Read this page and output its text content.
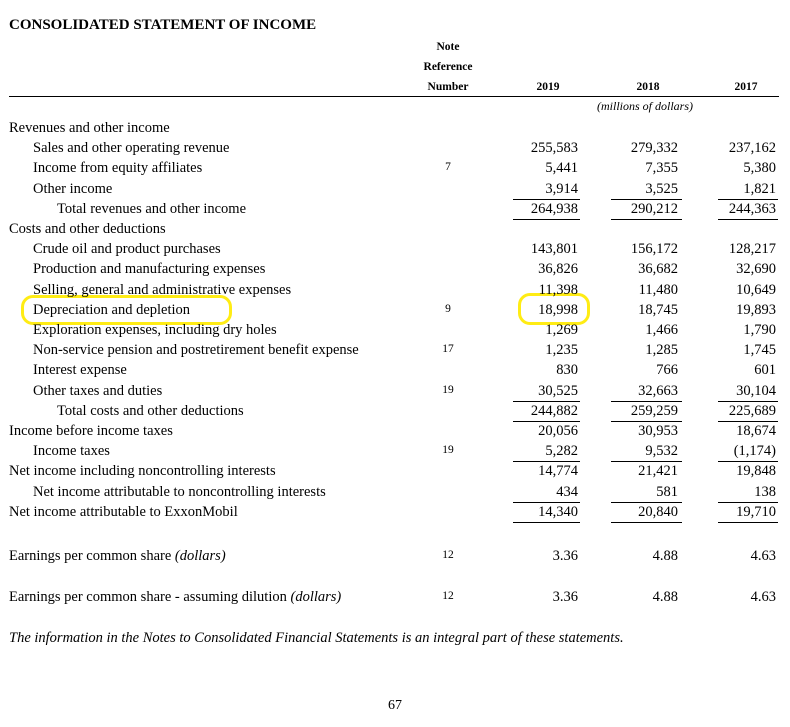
CONSOLIDATED STATEMENT OF INCOME
Note
Reference
Number	2019	2018	2017
(millions of dollars)
Revenues and other income
Sales and other operating revenue	255,583	279,332	237,162
Income from equity affiliates	7	5,441	7,355	5,380
Other income	3,914	3,525	1,821
Total revenues and other income	264,938	290,212	244,363
Costs and other deductions
Crude oil and product purchases	143,801	156,172	128,217
Production and manufacturing expenses	36,826	36,682	32,690
Selling, general and administrative expenses	11,398	11,480	10,649
Depreciation and depletion	9	18,998	18,745	19,893
Exploration expenses, including dry holes	1,269	1,466	1,790
Non-service pension and postretirement benefit expense	17	1,235	1,285	1,745
Interest expense	830	766	601
Other taxes and duties	19	30,525	32,663	30,104
Total costs and other deductions	244,882	259,259	225,689
Income before income taxes	20,056	30,953	18,674
Income taxes	19	5,282	9,532	(1,174)
Net income including noncontrolling interests	14,774	21,421	19,848
Net income attributable to noncontrolling interests	434	581	138
Net income attributable to ExxonMobil	14,340	20,840	19,710
Earnings per common share (dollars)	12	3.36	4.88	4.63
Earnings per common share - assuming dilution (dollars)	12	3.36	4.88	4.63
The information in the Notes to Consolidated Financial Statements is an integral part of these statements.
67
